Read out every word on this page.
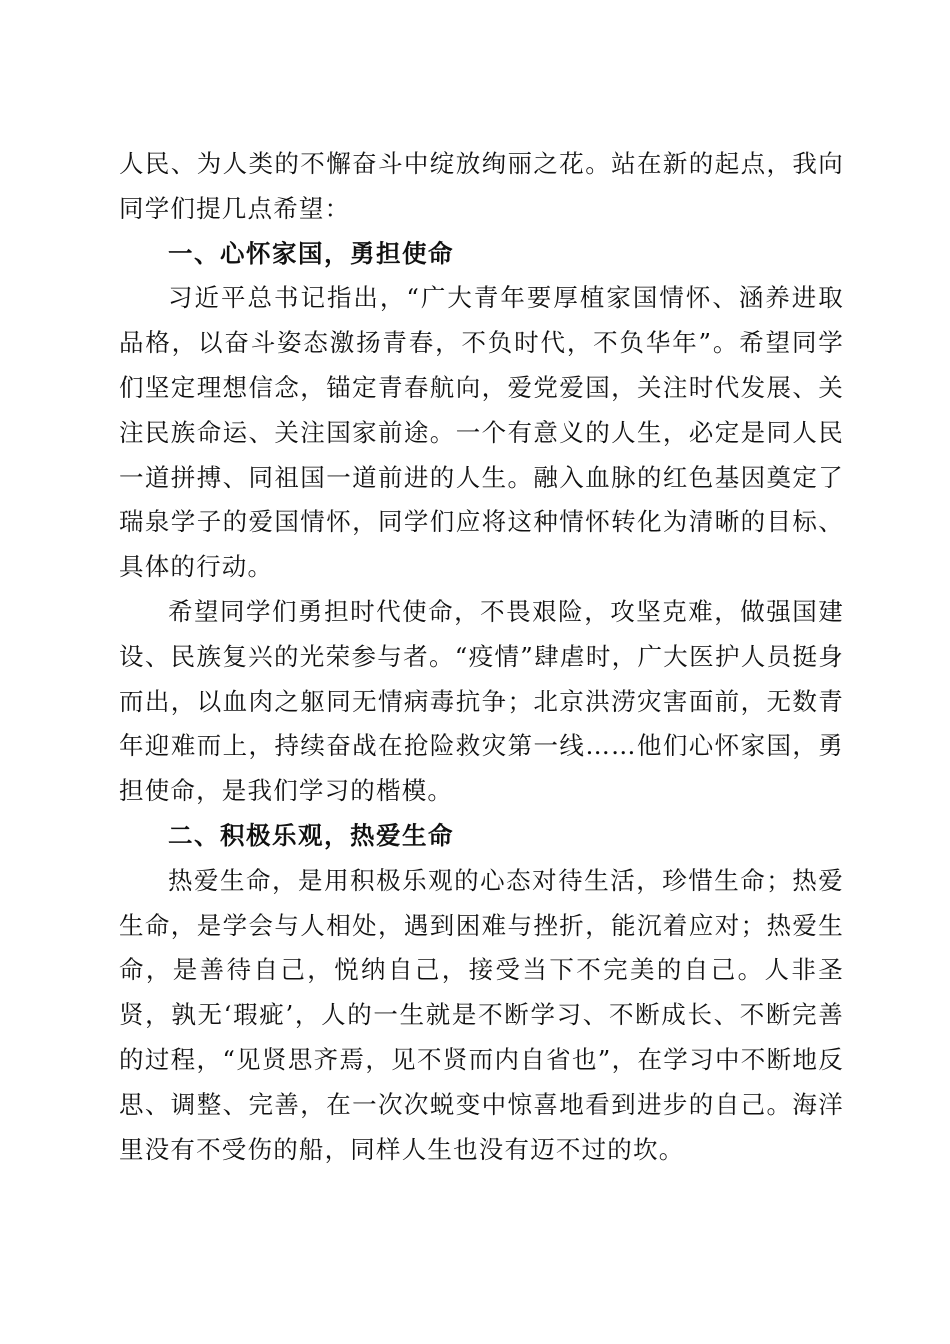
人民、为人类的不懈奋斗中绽放绚丽之花。站在新的起点，我向同学们提几点希望：

一、心怀家国，勇担使命

习近平总书记指出，“广大青年要厚植家国情怀、涵养进取品格，以奋斗姿态激扬青春，不负时代，不负华年”。希望同学们坚定理想信念，锚定青春航向，爱党爱国，关注时代发展、关注民族命运、关注国家前途。一个有意义的人生，必定是同人民一道拼搏、同祖国一道前进的人生。融入血脉的红色基因奠定了瑞泉学子的爱国情怀，同学们应将这种情怀转化为清晰的目标、具体的行动。

希望同学们勇担时代使命，不畏艰险，攻坚克难，做强国建设、民族复兴的光荣参与者。“疫情”肆虐时，广大医护人员挺身而出，以血肉之躯同无情病毒抗争；北京洪涝灾害面前，无数青年迎难而上，持续奋战在抢险救灾第一线……他们心怀家国，勇担使命，是我们学习的楷模。

二、积极乐观，热爱生命

热爱生命，是用积极乐观的心态对待生活，珍惜生命；热爱生命，是学会与人相处，遇到困难与挫折，能沉着应对；热爱生命，是善待自己，悦纳自己，接受当下不完美的自己。人非圣贤，孰无‘瑕疵’，人的一生就是不断学习、不断成长、不断完善的过程，“见贤思齐焉，见不贤而内自省也”，在学习中不断地反思、调整、完善，在一次次蜕变中惊喜地看到进步的自己。海洋里没有不受伤的船，同样人生也没有迈不过的坎。
